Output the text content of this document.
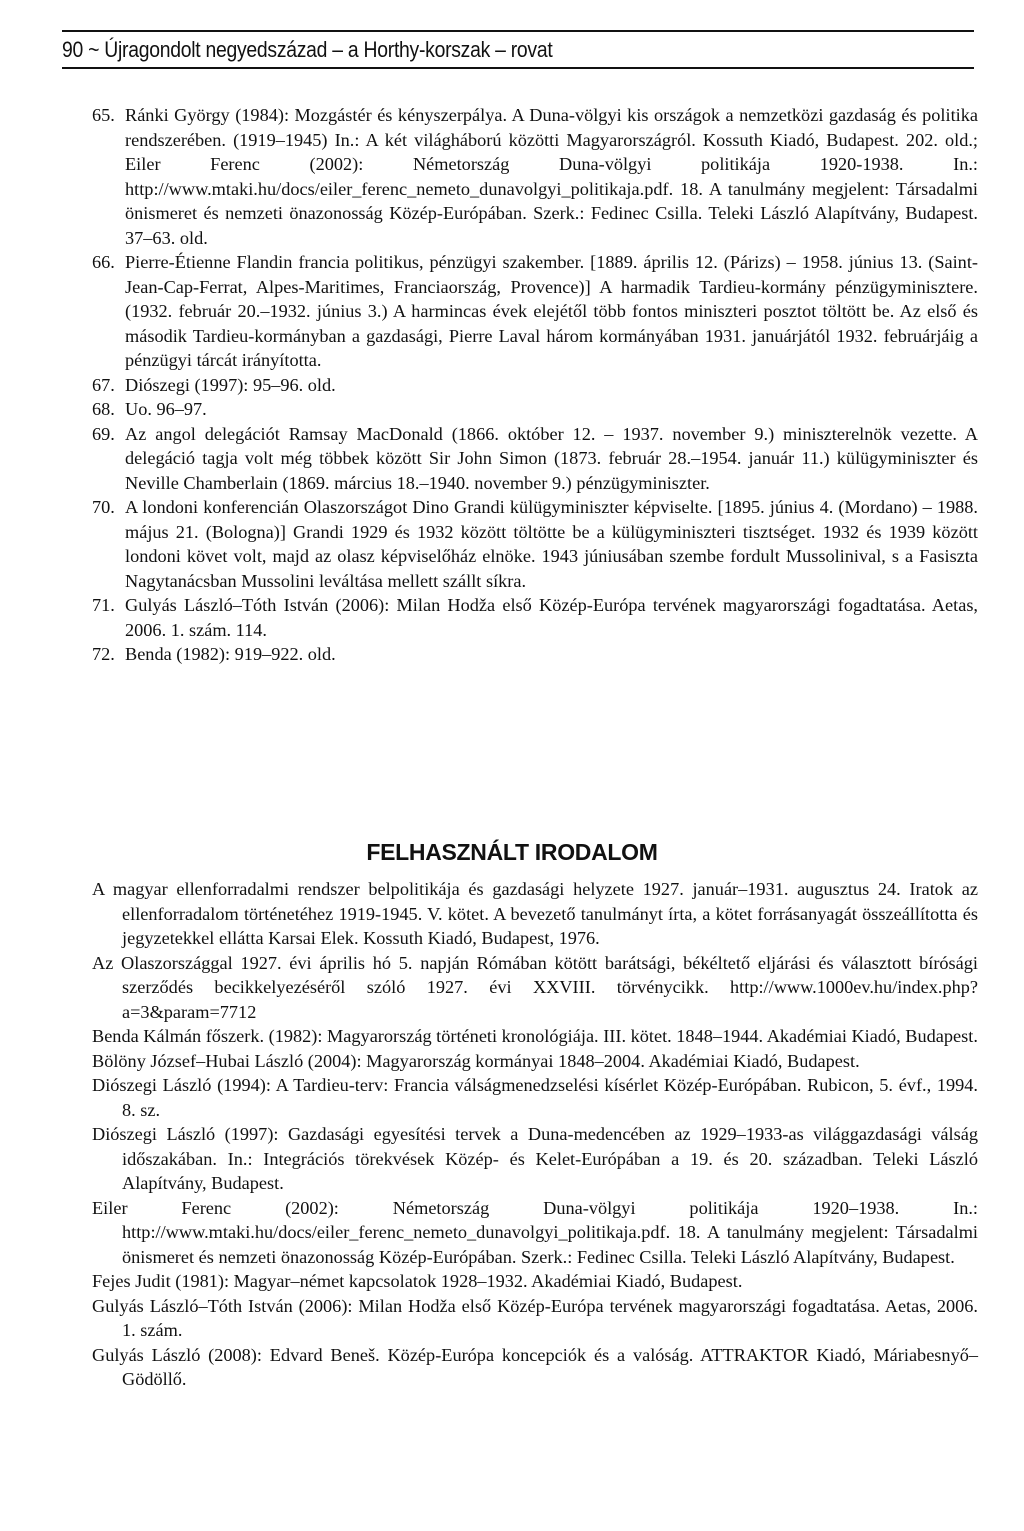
90 ~ Újragondolt negyedszázad – a Horthy-korszak – rovat
65. Ránki György (1984): Mozgástér és kényszerpálya. A Duna-völgyi kis országok a nemzetközi gazdaság és politika rendszerében. (1919–1945) In.: A két világháború közötti Magyarországról. Kossuth Kiadó, Budapest. 202. old.; Eiler Ferenc (2002): Németország Duna-völgyi politikája 1920-1938. In.: http://www.mtaki.hu/docs/eiler_ferenc_nemeto_dunavolgyi_politikaja.pdf. 18. A tanulmány megjelent: Társadalmi önismeret és nemzeti önazonosság Közép-Európában. Szerk.: Fedinec Csilla. Teleki László Alapítvány, Budapest. 37–63. old.
66. Pierre-Étienne Flandin francia politikus, pénzügyi szakember. [1889. április 12. (Párizs) – 1958. június 13. (Saint-Jean-Cap-Ferrat, Alpes-Maritimes, Franciaország, Provence)] A harmadik Tardieu-kormány pénzügyminisztere. (1932. február 20.–1932. június 3.) A harmincas évek elejétől több fontos miniszteri posztot töltött be. Az első és második Tardieu-kormányban a gazdasági, Pierre Laval három kormányában 1931. januárjától 1932. februárjáig a pénzügyi tárcát irányította.
67. Diószegi (1997): 95–96. old.
68. Uo. 96–97.
69. Az angol delegációt Ramsay MacDonald (1866. október 12. – 1937. november 9.) miniszterelnök vezette. A delegáció tagja volt még többek között Sir John Simon (1873. február 28.–1954. január 11.) külügyminiszter és Neville Chamberlain (1869. március 18.–1940. november 9.) pénzügyminiszter.
70. A londoni konferencián Olaszországot Dino Grandi külügyminiszter képviselte. [1895. június 4. (Mordano) – 1988. május 21. (Bologna)] Grandi 1929 és 1932 között töltötte be a külügyminiszteri tisztséget. 1932 és 1939 között londoni követ volt, majd az olasz képviselőház elnöke. 1943 júniusában szembe fordult Mussolinival, s a Fasiszta Nagytanácsban Mussolini leváltása mellett szállt síkra.
71. Gulyás László–Tóth István (2006): Milan Hodža első Közép-Európa tervének magyarországi fogadtatása. Aetas, 2006. 1. szám. 114.
72. Benda (1982): 919–922. old.
FELHASZNÁLT IRODALOM
A magyar ellenforradalmi rendszer belpolitikája és gazdasági helyzete 1927. január–1931. augusztus 24. Iratok az ellenforradalom történetéhez 1919-1945. V. kötet. A bevezető tanulmányt írta, a kötet forrásanyagát összeállította és jegyzetekkel ellátta Karsai Elek. Kossuth Kiadó, Budapest, 1976.
Az Olaszországgal 1927. évi április hó 5. napján Rómában kötött barátsági, békéltető eljárási és választott bírósági szerződés becikkelyezéséről szóló 1927. évi XXVIII. törvénycikk. http://www.1000ev.hu/index.php?a=3&param=7712
Benda Kálmán főszerk. (1982): Magyarország történeti kronológiája. III. kötet. 1848–1944. Akadémiai Kiadó, Budapest.
Bölöny József–Hubai László (2004): Magyarország kormányai 1848–2004. Akadémiai Kiadó, Budapest.
Diószegi László (1994): A Tardieu-terv: Francia válságmenedzselési kísérlet Közép-Európában. Rubicon, 5. évf., 1994. 8. sz.
Diószegi László (1997): Gazdasági egyesítési tervek a Duna-medencében az 1929–1933-as világgazdasági válság időszakában. In.: Integrációs törekvések Közép- és Kelet-Európában a 19. és 20. században. Teleki László Alapítvány, Budapest.
Eiler Ferenc (2002): Németország Duna-völgyi politikája 1920–1938. In.: http://www.mtaki.hu/docs/eiler_ferenc_nemeto_dunavolgyi_politikaja.pdf. 18. A tanulmány megjelent: Társadalmi önismeret és nemzeti önazonosság Közép-Európában. Szerk.: Fedinec Csilla. Teleki László Alapítvány, Budapest.
Fejes Judit (1981): Magyar–német kapcsolatok 1928–1932. Akadémiai Kiadó, Budapest.
Gulyás László–Tóth István (2006): Milan Hodža első Közép-Európa tervének magyarországi fogadtatása. Aetas, 2006. 1. szám.
Gulyás László (2008): Edvard Beneš. Közép-Európa koncepciók és a valóság. ATTRAKTOR Kiadó, Máriabesnyő–Gödöllő.
